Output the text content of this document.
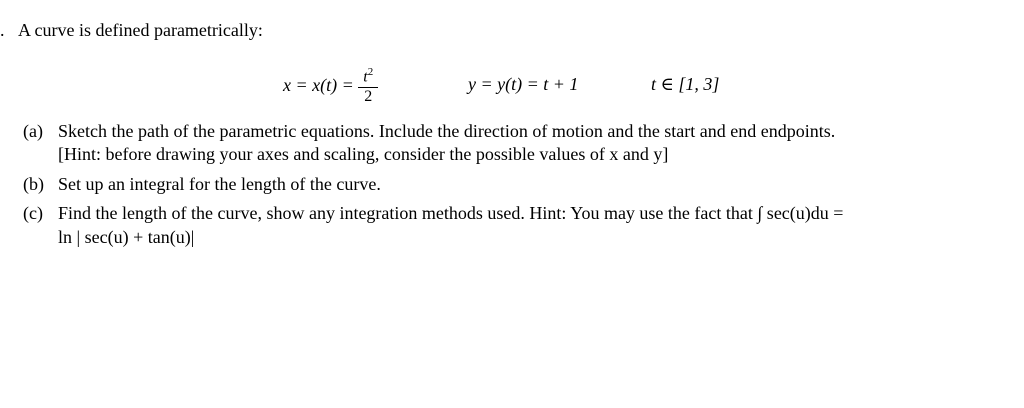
. A curve is defined parametrically:
$x = x(t) = \frac{t^2}{2}$	y = y(t) = t + 1	t ∈ [1, 3]
(a) Sketch the path of the parametric equations. Include the direction of motion and the start and end endpoints.
[Hint: before drawing your axes and scaling, consider the possible values of x and y]
(b) Set up an integral for the length of the curve.
(c) Find the length of the curve, show any integration methods used. Hint: You may use the fact that ∫ sec(u)du =
ln | sec(u) + tan(u)|
